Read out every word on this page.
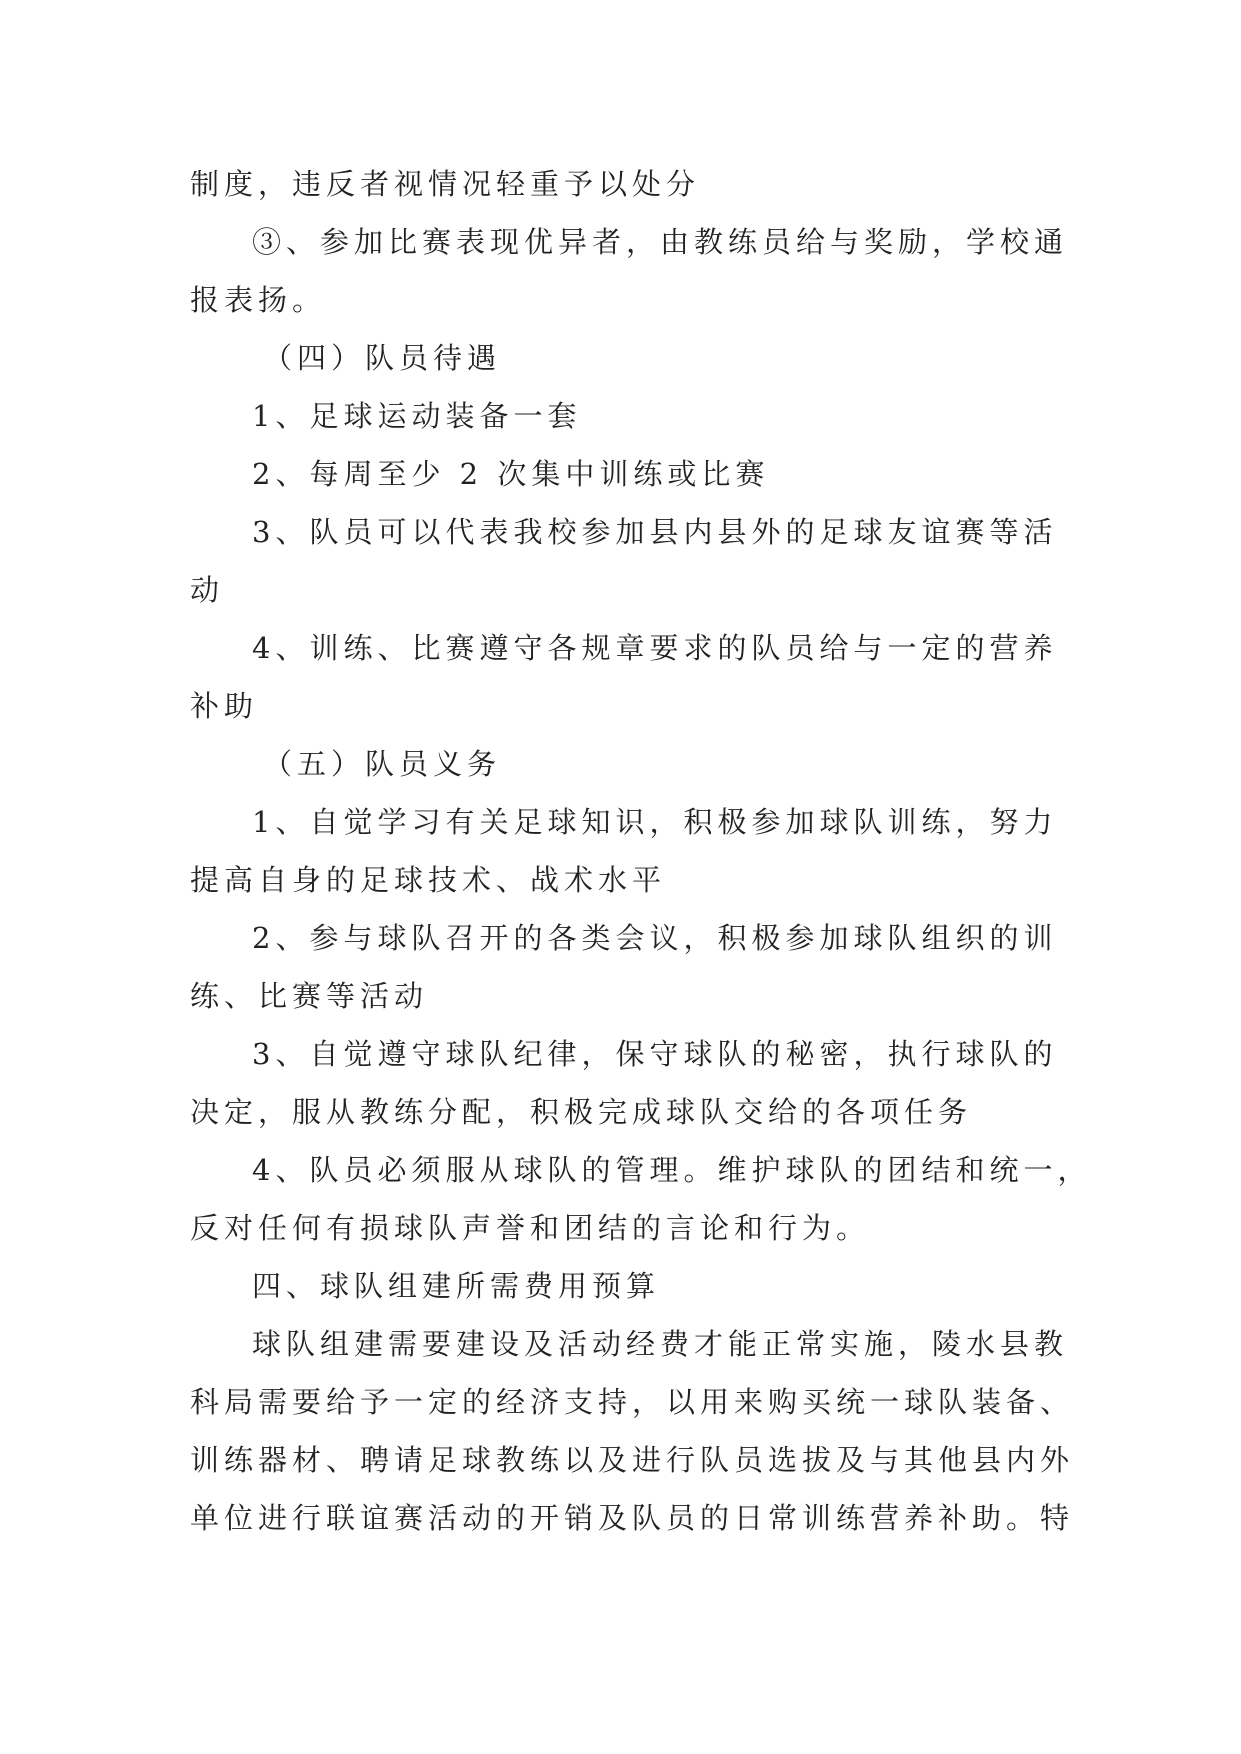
制度，违反者视情况轻重予以处分
③、参加比赛表现优异者，由教练员给与奖励，学校通
报表扬。
（四）队员待遇
1、足球运动装备一套
2、每周至少 2 次集中训练或比赛
3、队员可以代表我校参加县内县外的足球友谊赛等活
动
4、训练、比赛遵守各规章要求的队员给与一定的营养
补助
（五）队员义务
1、自觉学习有关足球知识，积极参加球队训练，努力
提高自身的足球技术、战术水平
2、参与球队召开的各类会议，积极参加球队组织的训
练、比赛等活动
3、自觉遵守球队纪律，保守球队的秘密，执行球队的
决定，服从教练分配，积极完成球队交给的各项任务
4、队员必须服从球队的管理。维护球队的团结和统一，
反对任何有损球队声誉和团结的言论和行为。
四、球队组建所需费用预算
球队组建需要建设及活动经费才能正常实施，陵水县教
科局需要给予一定的经济支持，以用来购买统一球队装备、
训练器材、聘请足球教练以及进行队员选拔及与其他县内外
单位进行联谊赛活动的开销及队员的日常训练营养补助。特
